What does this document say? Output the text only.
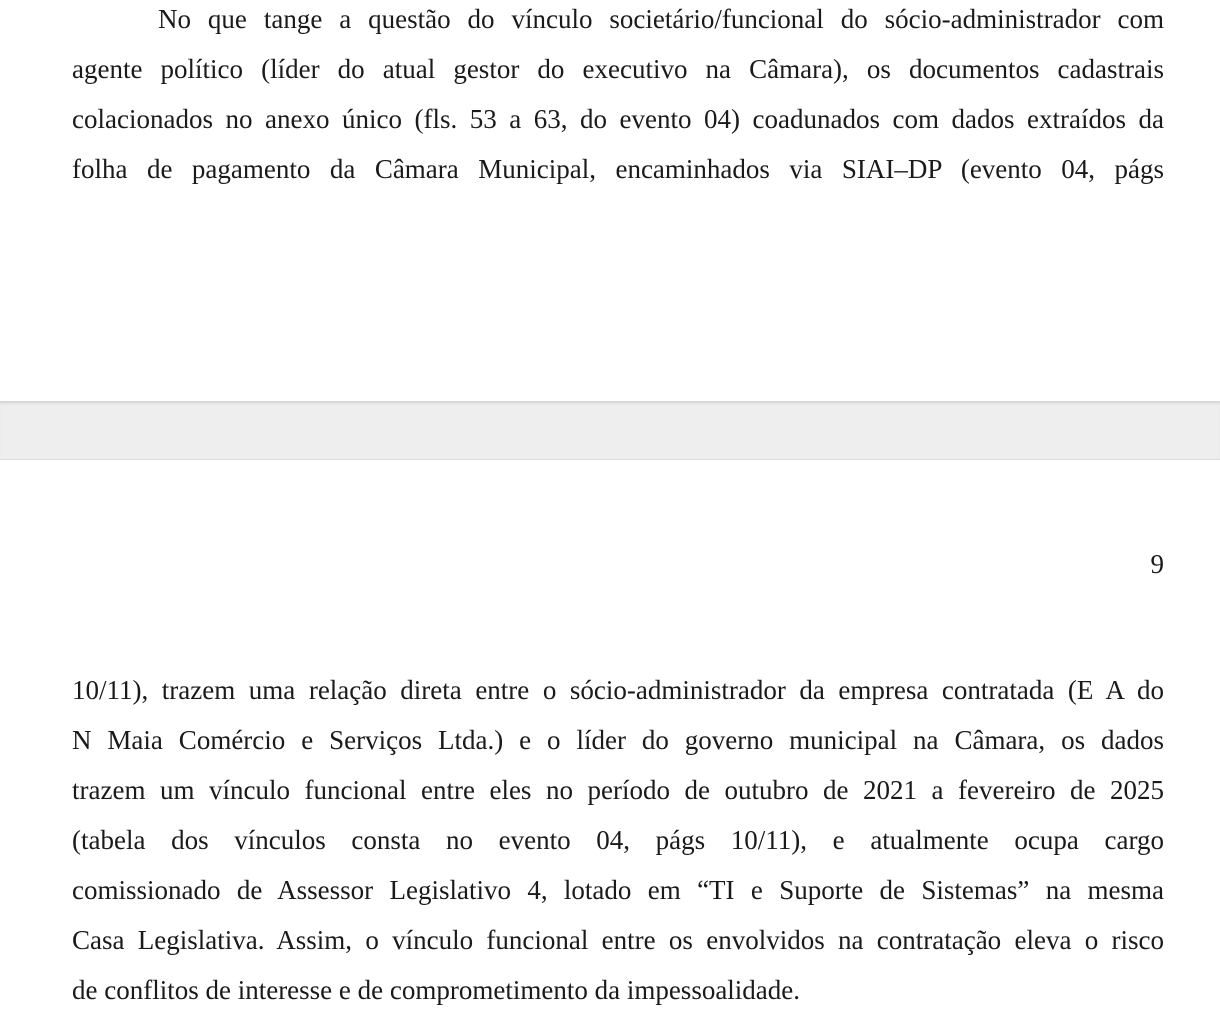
No que tange a questão do vínculo societário/funcional do sócio-administrador com
agente político (líder do atual gestor do executivo na Câmara), os documentos cadastrais
colacionados no anexo único (fls. 53 a 63, do evento 04) coadunados com dados extraídos da
folha de pagamento da Câmara Municipal, encaminhados via SIAI–DP (evento 04, págs

9

10/11), trazem uma relação direta entre o sócio-administrador da empresa contratada (E A do
N Maia Comércio e Serviços Ltda.) e o líder do governo municipal na Câmara, os dados
trazem um vínculo funcional entre eles no período de outubro de 2021 a fevereiro de 2025
(tabela dos vínculos consta no evento 04, págs 10/11), e atualmente ocupa cargo
comissionado de Assessor Legislativo 4, lotado em “TI e Suporte de Sistemas” na mesma
Casa Legislativa. Assim, o vínculo funcional entre os envolvidos na contratação eleva o risco
de conflitos de interesse e de comprometimento da impessoalidade.
